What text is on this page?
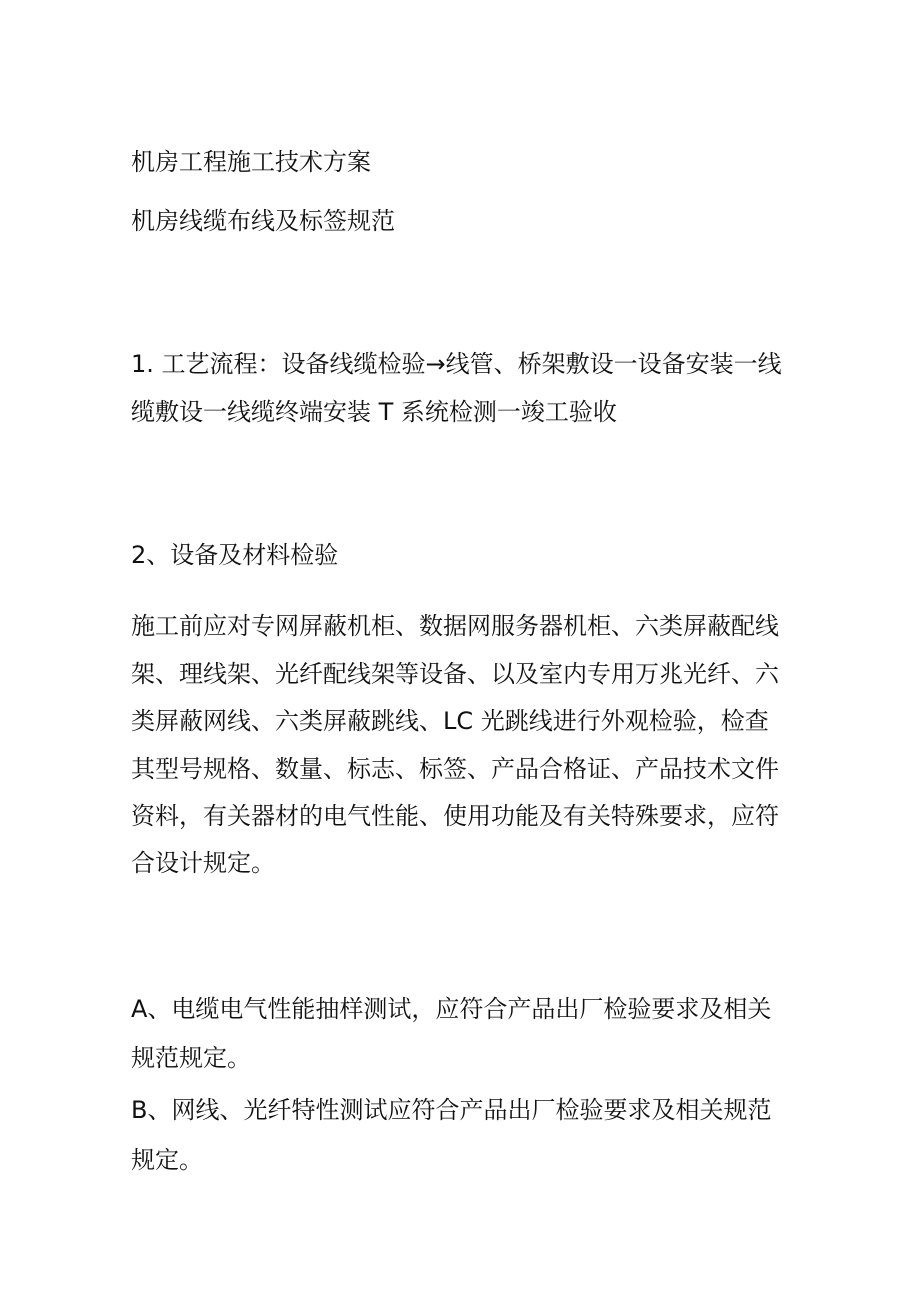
机房工程施工技术方案
机房线缆布线及标签规范
1. 工艺流程：设备线缆检验→线管、桥架敷设一设备安装一线
缆敷设一线缆终端安装 T 系统检测一竣工验收
2、设备及材料检验
施工前应对专网屏蔽机柜、数据网服务器机柜、六类屏蔽配线
架、理线架、光纤配线架等设备、以及室内专用万兆光纤、六
类屏蔽网线、六类屏蔽跳线、LC 光跳线进行外观检验，检查
其型号规格、数量、标志、标签、产品合格证、产品技术文件
资料，有关器材的电气性能、使用功能及有关特殊要求，应符
合设计规定。
A、电缆电气性能抽样测试，应符合产品出厂检验要求及相关
规范规定。
B、网线、光纤特性测试应符合产品出厂检验要求及相关规范
规定。
